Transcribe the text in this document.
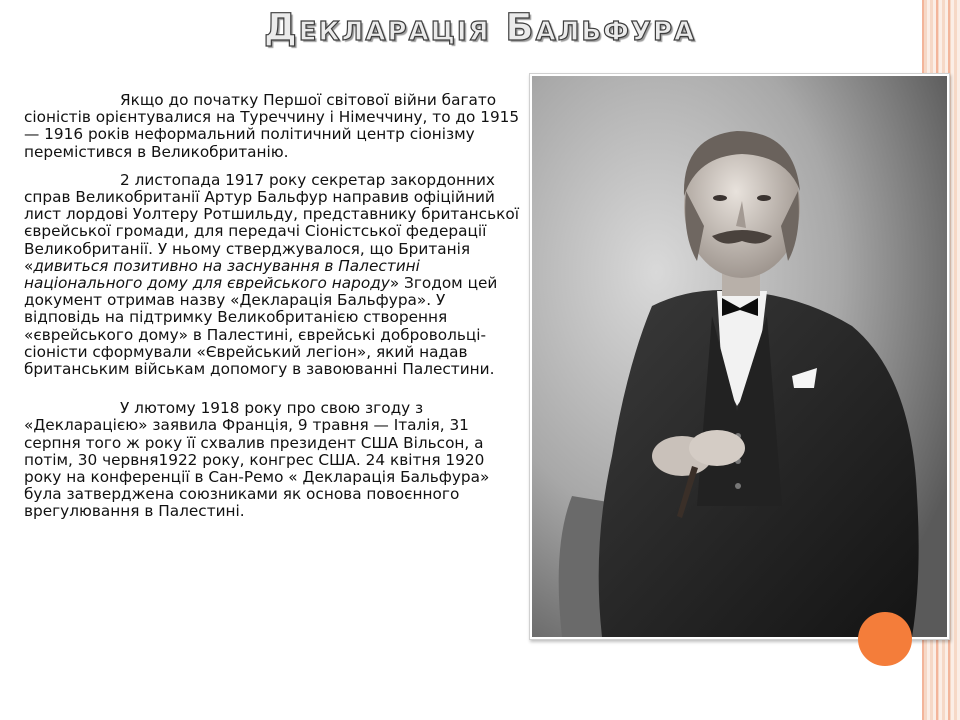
Декларація Бальфура

Якщо до початку Першої світової війни багато сіоністів орієнтувалися на Туреччину і Німеччину, то до 1915 — 1916 років неформальний політичний центр сіонізму перемістився в Великобританію.

2 листопада 1917 року секретар закордонних справ Великобританії Артур Бальфур направив офіційний лист лордові Уолтеру Ротшильду, представнику британської єврейської громади, для передачі Сіоністської федерації Великобританії. У ньому стверджувалося, що Британія «дивиться позитивно на заснування в Палестині національного дому для єврейського народу» Згодом цей документ отримав назву «Декларація Бальфура». У відповідь на підтримку Великобританією створення «єврейського дому» в Палестині, єврейські добровольці-сіоністи сформували «Єврейський легіон», який надав британським військам допомогу в завоюванні Палестини.

У лютому 1918 року про свою згоду з «Декларацією» заявила Франція, 9 травня — Італія, 31 серпня того ж року її схвалив президент США Вільсон, а потім, 30 червня1922 року, конгрес США. 24 квітня 1920 року на конференції в Сан-Ремо « Декларація Бальфура» була затверджена союзниками як основа повоєнного врегулювання в Палестині.
